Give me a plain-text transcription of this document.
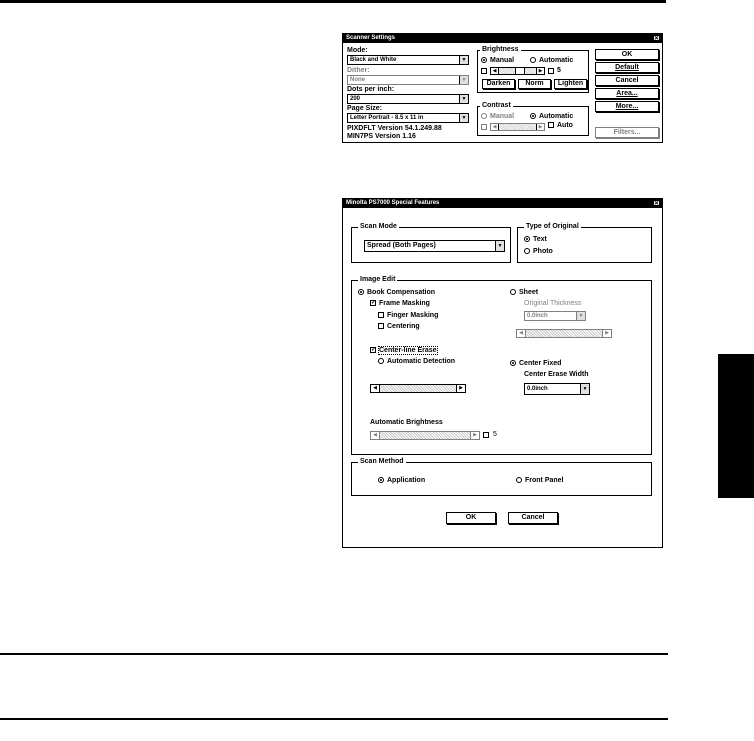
Scanner Settings	✕
Mode:
Black and White	▼
Dither:
None	▼
Dots per inch:
200	▼
Page Size:
Letter Portrait - 8.5 x 11 in	▼
PIXDFLT Version 54.1.249.88
MIN7PS Version 1.16
Brightness
Manual	Automatic
◀	▶ 5
Darken	Norm	Lighten
Contrast
Manual	Automatic
◀	▶	Auto
OK
Default
Cancel
Area...
More...
Filters...
Minolta PS7000 Special Features	✕
Scan Mode
Spread (Both Pages)	▼
Type of Original
Text
Photo
Image Edit
Book Compensation
✓ Frame Masking
Finger Masking
Centering
Sheet
Original Thickness
0.0inch	▼
◀	▶
✓ Center-line Erase
Automatic Detection
◀	▶
Center Fixed
Center Erase Width
0.0inch	▼
Automatic Brightness
◀	▶ 5
Scan Method
Application	Front Panel
OK	Cancel
